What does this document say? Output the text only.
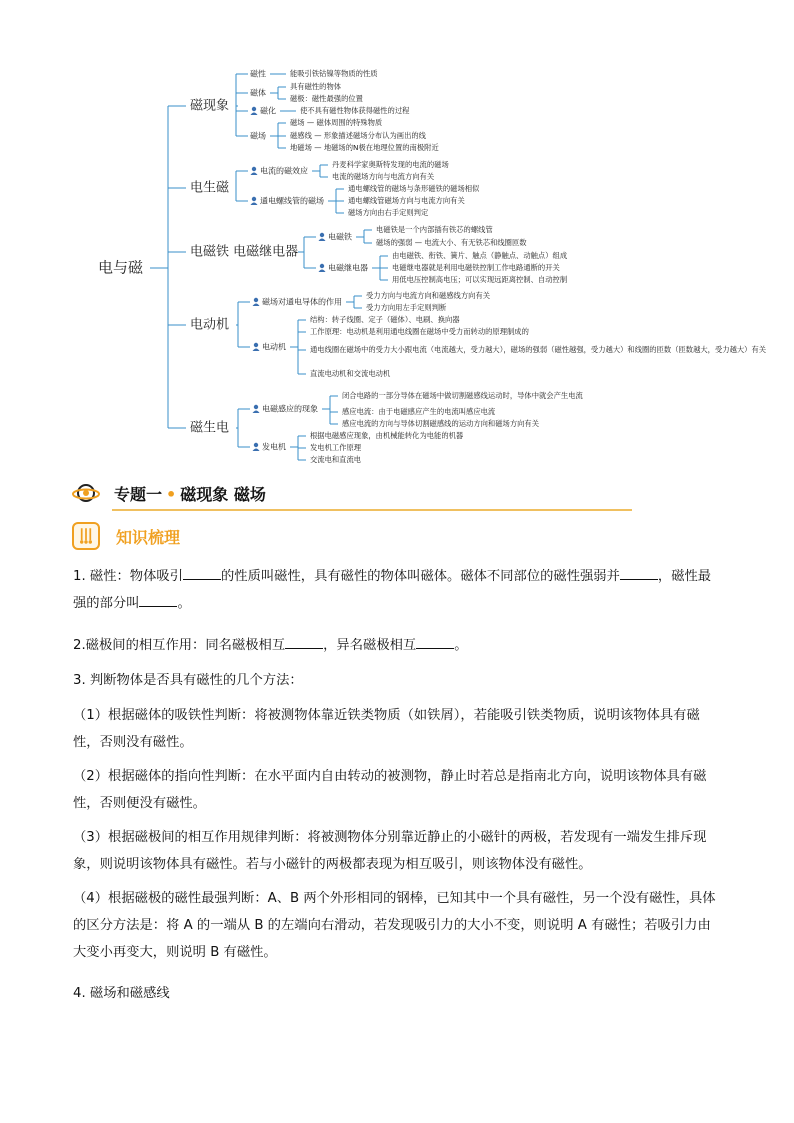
电与磁
磁现象
磁性	能吸引铁钴镍等物质的性质
磁体
具有磁性的物体
磁极：磁性最强的位置
磁化	使不具有磁性物体获得磁性的过程
磁场
磁场 — 磁体周围的特殊物质
磁感线 — 形象描述磁场分布认为画出的线
地磁场 — 地磁场的N极在地理位置的南极附近
电生磁
电流的磁效应
丹麦科学家奥斯特发现的电流的磁场
电流的磁场方向与电流方向有关
通电螺线管的磁场
通电螺线管的磁场与条形磁铁的磁场相似
通电螺线管磁场方向与电流方向有关
磁场方向由右手定则判定
电磁铁 电磁继电器
电磁铁
电磁铁是一个内部插有铁芯的螺线管
磁场的强弱 — 电流大小、有无铁芯和线圈匝数
电磁继电器
由电磁铁、衔铁、簧片、触点（静触点、动触点）组成
电磁继电器就是利用电磁铁控制工作电路通断的开关
用低电压控制高电压；可以实现远距离控制、自动控制
电动机
磁场对通电导体的作用
受力方向与电流方向和磁感线方向有关
受力方向用左手定则判断
电动机
结构：转子线圈、定子（磁体）、电刷、换向器
工作原理：电动机是利用通电线圈在磁场中受力而转动的原理制成的
通电线圈在磁场中的受力大小跟电流（电流越大，受力越大），磁场的强弱（磁性越强，受力越大）和线圈的匝数（匝数越大，受力越大）有关
直流电动机和交流电动机
磁生电
电磁感应的现象
闭合电路的一部分导体在磁场中做切割磁感线运动时，导体中就会产生电流
感应电流：由于电磁感应产生的电流叫感应电流
感应电流的方向与导体切割磁感线的运动方向和磁场方向有关
发电机
根据电磁感应现象，由机械能转化为电能的机器
发电机工作原理
交流电和直流电
专题一 • 磁现象 磁场
知识梳理

1. 磁性：物体吸引	的性质叫磁性，具有磁性的物体叫磁体。磁体不同部位的磁性强弱并	，磁性最强的部分叫	。

2.磁极间的相互作用：同名磁极相互	，异名磁极相互	。

3. 判断物体是否具有磁性的几个方法：

（1）根据磁体的吸铁性判断：将被测物体靠近铁类物质（如铁屑），若能吸引铁类物质，说明该物体具有磁性，否则没有磁性。

（2）根据磁体的指向性判断：在水平面内自由转动的被测物，静止时若总是指南北方向，说明该物体具有磁性，否则便没有磁性。

（3）根据磁极间的相互作用规律判断：将被测物体分别靠近静止的小磁针的两极，若发现有一端发生排斥现象，则说明该物体具有磁性。若与小磁针的两极都表现为相互吸引，则该物体没有磁性。

（4）根据磁极的磁性最强判断：A、B 两个外形相同的钢棒，已知其中一个具有磁性，另一个没有磁性，具体的区分方法是：将 A 的一端从 B 的左端向右滑动，若发现吸引力的大小不变，则说明 A 有磁性；若吸引力由大变小再变大，则说明 B 有磁性。

4. 磁场和磁感线
